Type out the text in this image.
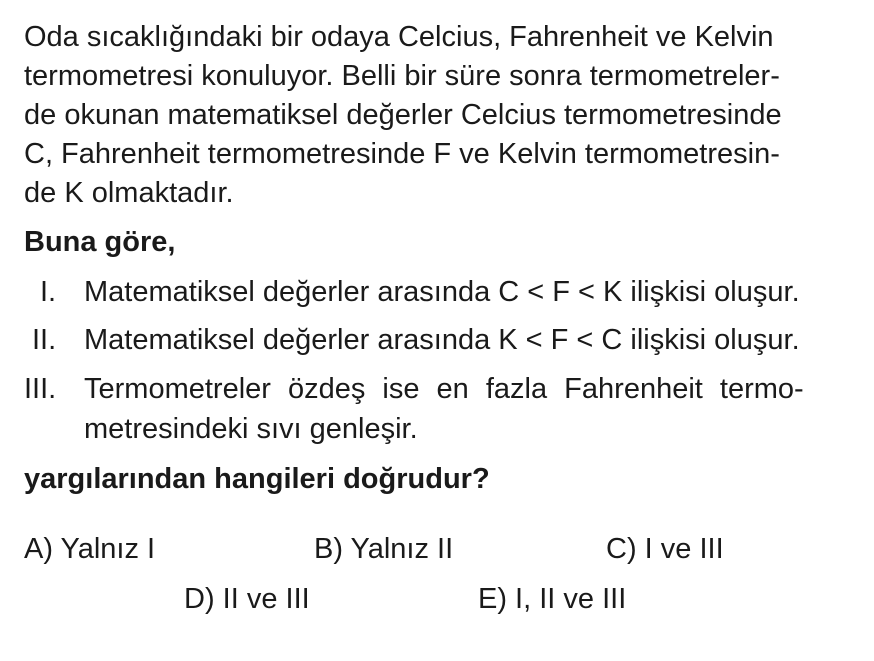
Oda sıcaklığındaki bir odaya Celcius, Fahrenheit ve Kelvin
termometresi konuluyor. Belli bir süre sonra termometreler-
de okunan matematiksel değerler Celcius termometresinde
C, Fahrenheit termometresinde F ve Kelvin termometresin-
de K olmaktadır.
Buna göre,
I. Matematiksel değerler arasında C < F < K ilişkisi oluşur.
II. Matematiksel değerler arasında K < F < C ilişkisi oluşur.
III. Termometreler özdeş ise en fazla Fahrenheit termo-
metresindeki sıvı genleşir.
yargılarından hangileri doğrudur?
A) Yalnız I	B) Yalnız II	C) I ve III
D) II ve III	E) I, II ve III
